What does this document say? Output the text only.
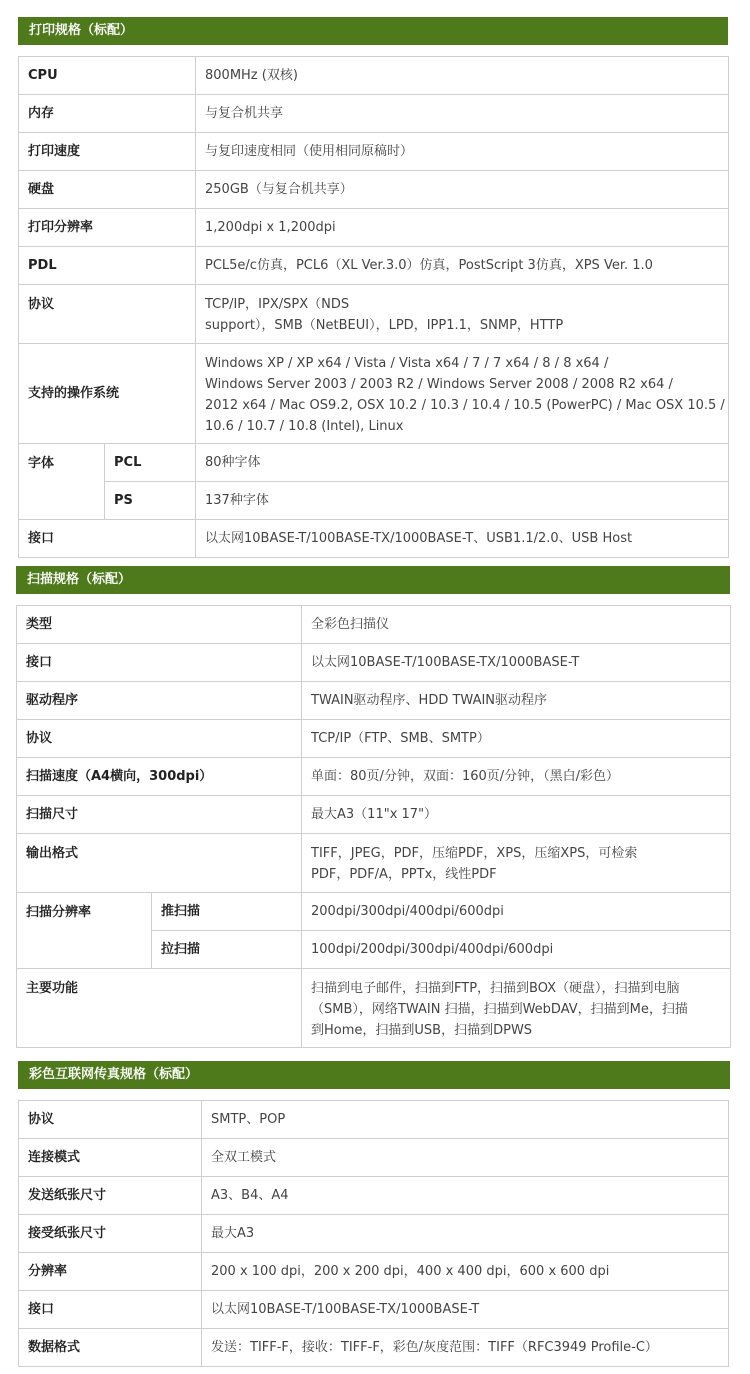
打印规格（标配）
CPU		800MHz (双核)
内存		与复合机共享
打印速度		与复印速度相同（使用相同原稿时）
硬盘		250GB（与复合机共享）
打印分辨率		1,200dpi x 1,200dpi
PDL		PCL5e/c仿真，PCL6（XL Ver.3.0）仿真，PostScript 3仿真，XPS Ver. 1.0
协议		TCP/IP，IPX/SPX（NDS
support），SMB（NetBEUI），LPD，IPP1.1，SNMP，HTTP

支持的操作系统		Windows XP / XP x64 / Vista / Vista x64 / 7 / 7 x64 / 8 / 8 x64 /
Windows Server 2003 / 2003 R2 / Windows Server 2008 / 2008 R2 x64 /
2012 x64 / Mac OS9.2, OSX 10.2 / 10.3 / 10.4 / 10.5 (PowerPC) / Mac OSX 10.5 /
10.6 / 10.7 / 10.8 (Intel), Linux

字体	PCL	80种字体
	PS	137种字体
接口		以太网10BASE-T/100BASE-TX/1000BASE-T、USB1.1/2.0、USB Host
扫描规格（标配）
类型		全彩色扫描仪
接口		以太网10BASE-T/100BASE-TX/1000BASE-T
驱动程序		TWAIN驱动程序、HDD TWAIN驱动程序
协议		TCP/IP（FTP、SMB、SMTP）
扫描速度（A4横向，300dpi）		单面：80页/分钟，双面：160页/分钟，（黑白/彩色）
扫描尺寸		最大A3（11"x 17"）
输出格式		TIFF，JPEG，PDF，压缩PDF，XPS，压缩XPS，可检索
PDF，PDF/A，PPTx，线性PDF

扫描分辨率	推扫描	200dpi/300dpi/400dpi/600dpi
	拉扫描	100dpi/200dpi/300dpi/400dpi/600dpi
主要功能		扫描到电子邮件，扫描到FTP，扫描到BOX（硬盘），扫描到电脑
（SMB），网络TWAIN 扫描，扫描到WebDAV，扫描到Me，扫描
到Home，扫描到USB，扫描到DPWS
彩色互联网传真规格（标配）
协议	SMTP、POP
连接模式	全双工模式
发送纸张尺寸	A3、B4、A4
接受纸张尺寸	最大A3
分辨率	200 x 100 dpi，200 x 200 dpi，400 x 400 dpi，600 x 600 dpi
接口	以太网10BASE-T/100BASE-TX/1000BASE-T
数据格式	发送：TIFF-F，接收：TIFF-F，彩色/灰度范围：TIFF（RFC3949 Profile-C）
